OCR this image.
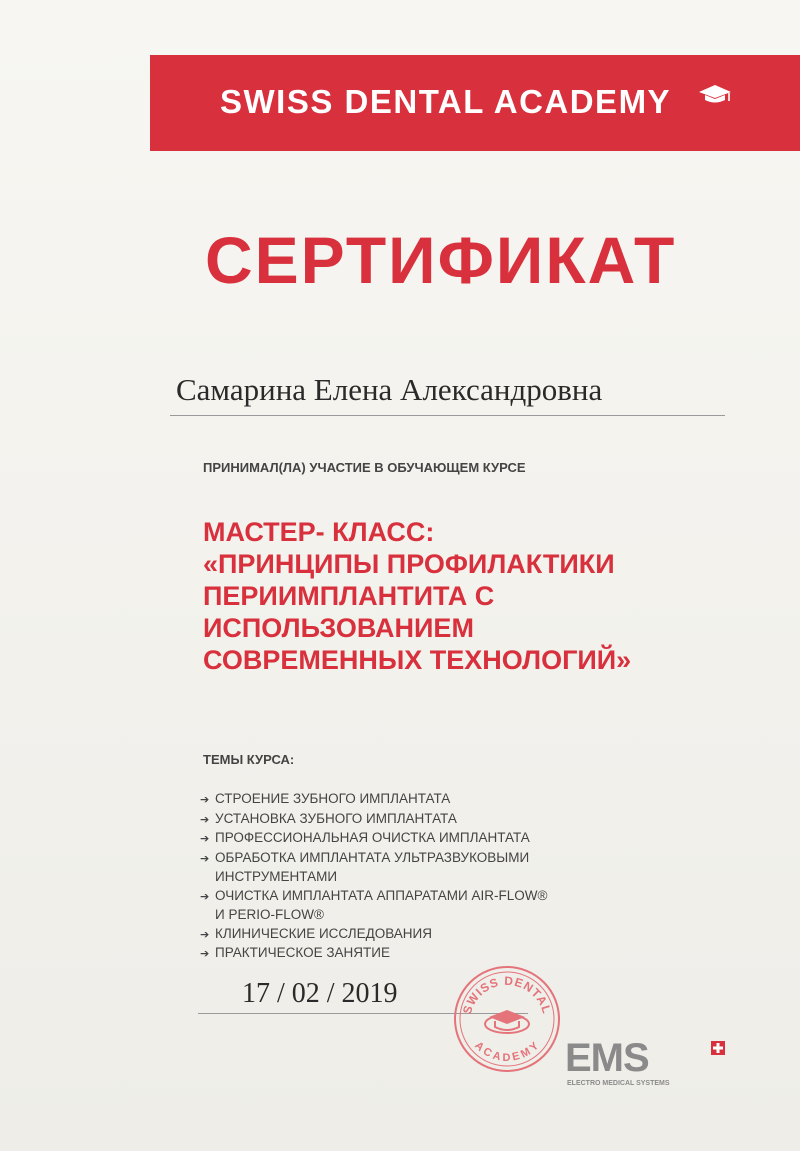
SWISS DENTAL ACADEMY
СЕРТИФИКАТ
Самарина Елена Александровна
ПРИНИМАЛ(ЛА) УЧАСТИЕ В ОБУЧАЮЩЕМ КУРСЕ
МАСТЕР- КЛАСС:
«ПРИНЦИПЫ ПРОФИЛАКТИКИ
ПЕРИИМПЛАНТИТА С
ИСПОЛЬЗОВАНИЕМ
СОВРЕМЕННЫХ ТЕХНОЛОГИЙ»
ТЕМЫ КУРСА:
➔ СТРОЕНИЕ ЗУБНОГО ИМПЛАНТАТА
➔ УСТАНОВКА ЗУБНОГО ИМПЛАНТАТА
➔ ПРОФЕССИОНАЛЬНАЯ ОЧИСТКА ИМПЛАНТАТА
➔ ОБРАБОТКА ИМПЛАНТАТА УЛЬТРАЗВУКОВЫМИ
ИНСТРУМЕНТАМИ
➔ ОЧИСТКА ИМПЛАНТАТА АППАРАТАМИ AIR-FLOW®
И PERIO-FLOW®
➔ КЛИНИЧЕСКИЕ ИССЛЕДОВАНИЯ
➔ ПРАКТИЧЕСКОЕ ЗАНЯТИЕ
17 / 02 / 2019
SWISS DENTAL
ACADEMY EMS
ELECTRO MEDICAL SYSTEMS
